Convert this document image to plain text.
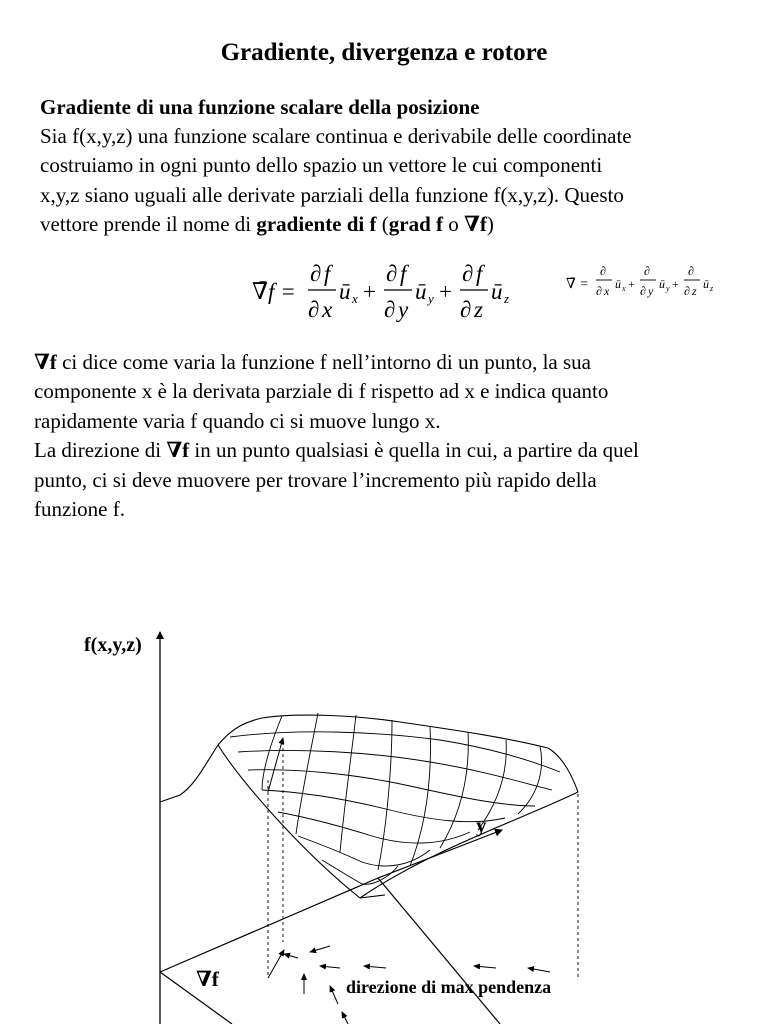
Gradiente, divergenza e rotore
Gradiente di una funzione scalare della posizione
Sia f(x,y,z) una funzione scalare continua e derivabile delle coordinate
costruiamo in ogni punto dello spazio un vettore le cui componenti
x,y,z siano uguali alle derivate parziali della funzione f(x,y,z). Questo
vettore prende il nome di gradiente di f (grad f o ∇f)
∇̄f =
∂ f
∂ x
ū x +
∂ f
∂ y
ū y +
∂ f
∂ z
ū z
∇̄ =
∂
∂ x ū x +
∂
∂ y ū y +
∂
∂ z ū z
∇f ci dice come varia la funzione f nell’intorno di un punto, la sua
componente x è la derivata parziale di f rispetto ad x e indica quanto
rapidamente varia f quando ci si muove lungo x.
La direzione di ∇f in un punto qualsiasi è quella in cui, a partire da quel
punto, ci si deve muovere per trovare l’incremento più rapido della
funzione f.
f(x,y,z)
y
∇f	direzione di max pendenza
